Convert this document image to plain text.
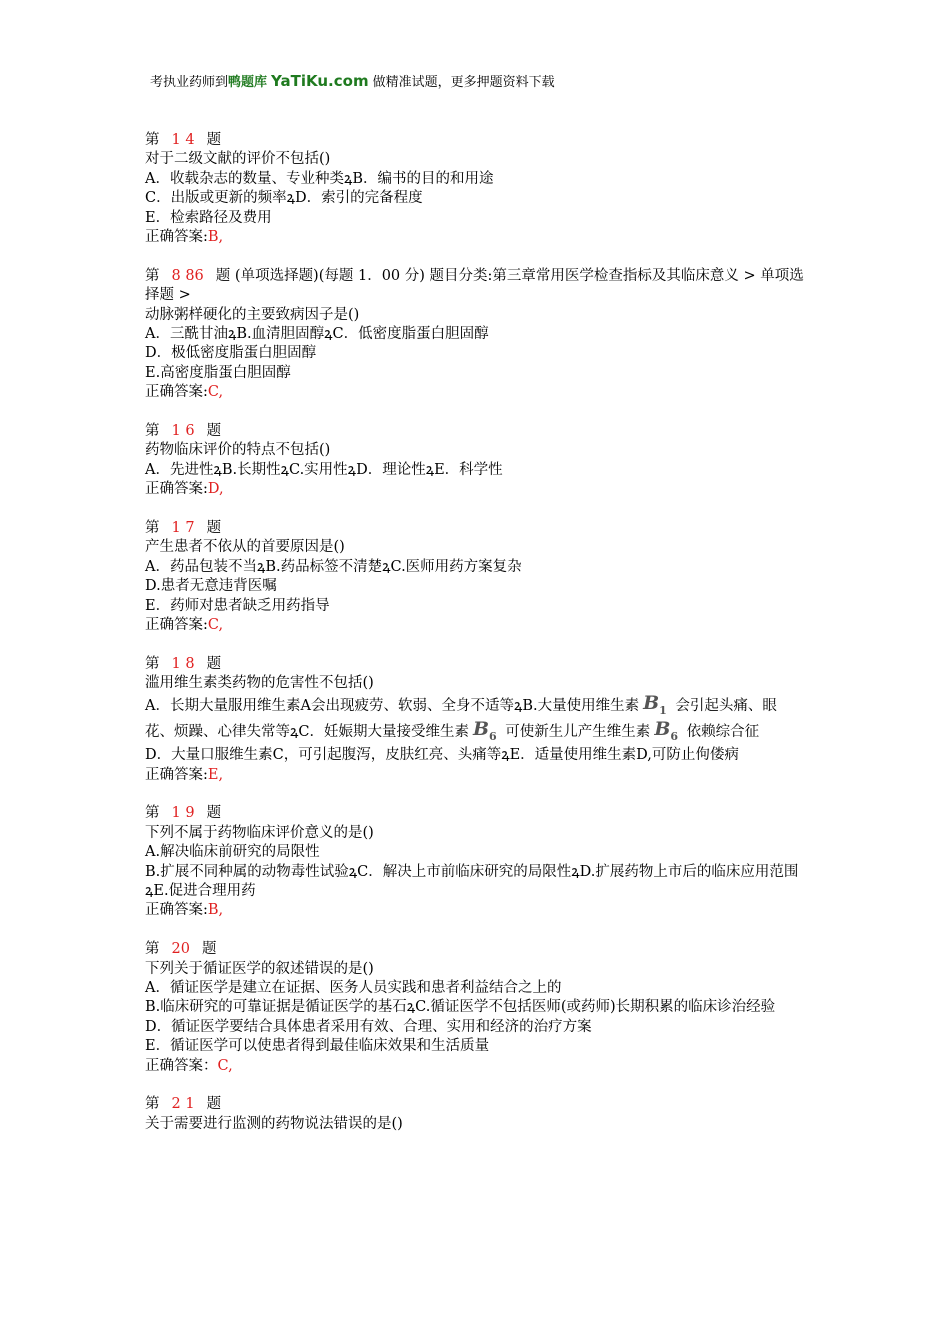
考执业药师到鸭题库 YaTiKu.com 做精准试题，更多押题资料下载
第 1 4 题
对于二级文献的评价不包括()
A．收载杂志的数量、专业种类ꝝB．编书的目的和用途
C．出版或更新的频率ꝝD．索引的完备程度
E．检索路径及费用
正确答案:B,
第 8 86 题 (单项选择题)(每题 1．00 分) 题目分类:第三章常用医学检查指标及其临床意义 > 单项选择题 >
动脉粥样硬化的主要致病因子是()
A．三酰甘油ꝝB.血清胆固醇ꝝC．低密度脂蛋白胆固醇
D．极低密度脂蛋白胆固醇
E.高密度脂蛋白胆固醇
正确答案:C,
第 1 6 题
药物临床评价的特点不包括()
A．先进性ꝝB.长期性ꝝC.实用性ꝝD．理论性ꝝE．科学性
正确答案:D,
第 1 7 题
产生患者不依从的首要原因是()
A．药品包装不当ꝝB.药品标签不清楚ꝝC.医师用药方案复杂
D.患者无意违背医嘱
E．药师对患者缺乏用药指导
正确答案:C,
第 1 8 题
滥用维生素类药物的危害性不包括()
A．长期大量服用维生素A会出现疲劳、软弱、全身不适等ꝝB.大量使用维生素 $B_1$ 会引起头痛、眼花、烦躁、心律失常等ꝝC．妊娠期大量接受维生素 $B_6$ 可使新生儿产生维生素 $B_6$ 依赖综合征
D．大量口服维生素C，可引起腹泻，皮肤红亮、头痛等ꝝE．适量使用维生素D,可防止佝偻病
正确答案:E,
第 1 9 题
下列不属于药物临床评价意义的是()
A.解决临床前研究的局限性
B.扩展不同种属的动物毒性试验ꝝC．解决上市前临床研究的局限性ꝝD.扩展药物上市后的临床应用范围ꝝE.促进合理用药
正确答案:B,
第 20 题
下列关于循证医学的叙述错误的是()
A．循证医学是建立在证据、医务人员实践和患者利益结合之上的
B.临床研究的可靠证据是循证医学的基石ꝝC.循证医学不包括医师(或药师)长期积累的临床诊治经验
D．循证医学要结合具体患者采用有效、合理、实用和经济的治疗方案
E．循证医学可以使患者得到最佳临床效果和生活质量
正确答案：C,
第 2 1 题
关于需要进行监测的药物说法错误的是()
